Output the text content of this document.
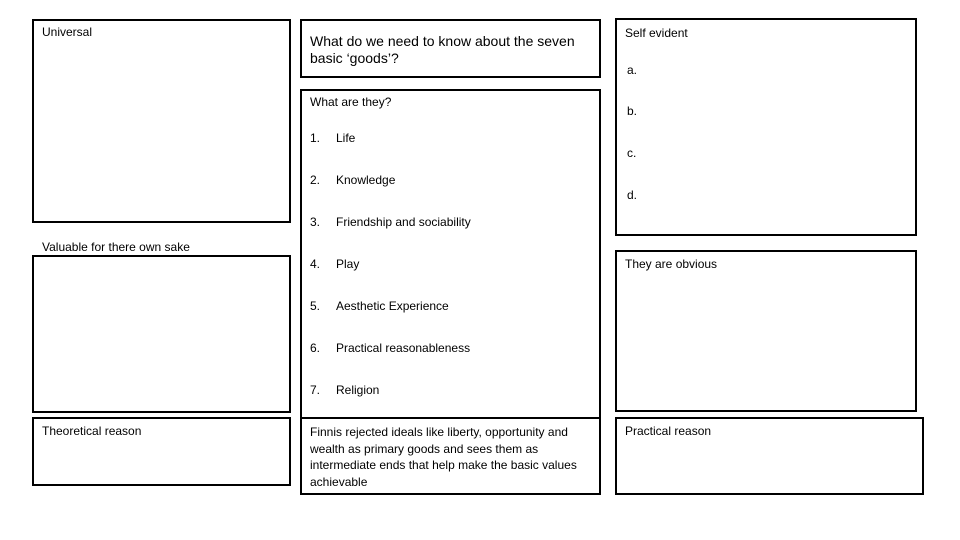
Universal
Valuable for there own sake
Theoretical reason
What do we need to know about the seven basic ‘goods’?
What are they?
1. Life
2. Knowledge
3. Friendship and sociability
4. Play
5. Aesthetic Experience
6. Practical reasonableness
7. Religion
Finnis rejected ideals like liberty, opportunity and wealth as primary goods and sees them as intermediate ends that help make the basic values achievable
Self evident
a.
b.
c.
d.
They are obvious
Practical reason
